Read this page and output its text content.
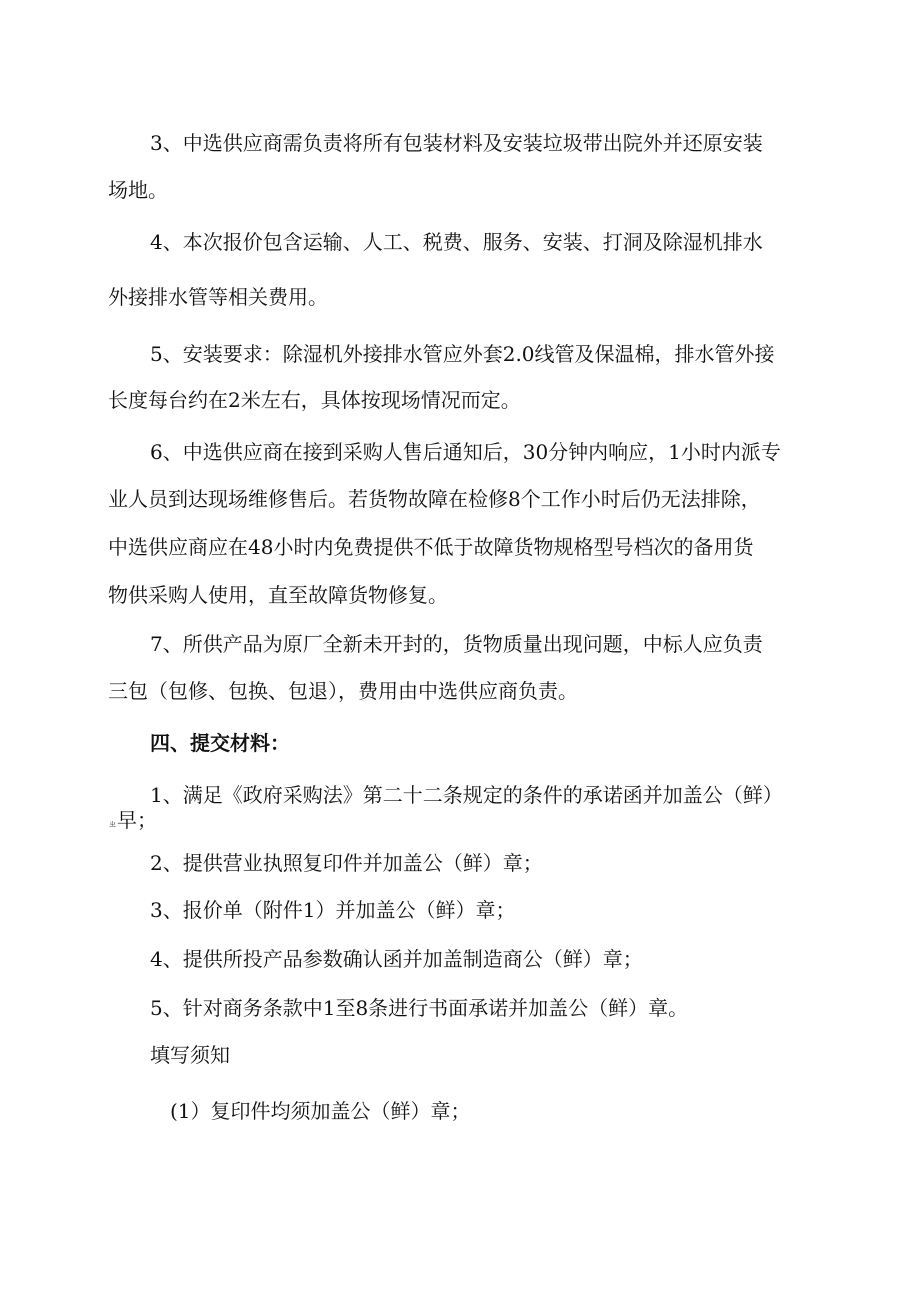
3、中选供应商需负责将所有包装材料及安装垃圾带出院外并还原安装
场地。
4、本次报价包含运输、人工、税费、服务、安装、打洞及除湿机排水
外接排水管等相关费用。
5、安装要求：除湿机外接排水管应外套2.0线管及保温棉，排水管外接
长度每台约在2米左右，具体按现场情况而定。
6、中选供应商在接到采购人售后通知后，30分钟内响应，1小时内派专
业人员到达现场维修售后。若货物故障在检修8个工作小时后仍无法排除，
中选供应商应在48小时内免费提供不低于故障货物规格型号档次的备用货
物供采购人使用，直至故障货物修复。
7、所供产品为原厂全新未开封的，货物质量出现问题，中标人应负责
三包（包修、包换、包退），费用由中选供应商负责。
四、提交材料：
1、满足《政府采购法》第二十二条规定的条件的承诺函并加盖公（鲜）
ㄓ早；
2、提供营业执照复印件并加盖公（鲜）章；
3、报价单（附件1）并加盖公（鲜）章；
4、提供所投产品参数确认函并加盖制造商公（鲜）章；
5、针对商务条款中1至8条进行书面承诺并加盖公（鲜）章。
填写须知
(1）复印件均须加盖公（鲜）章；
